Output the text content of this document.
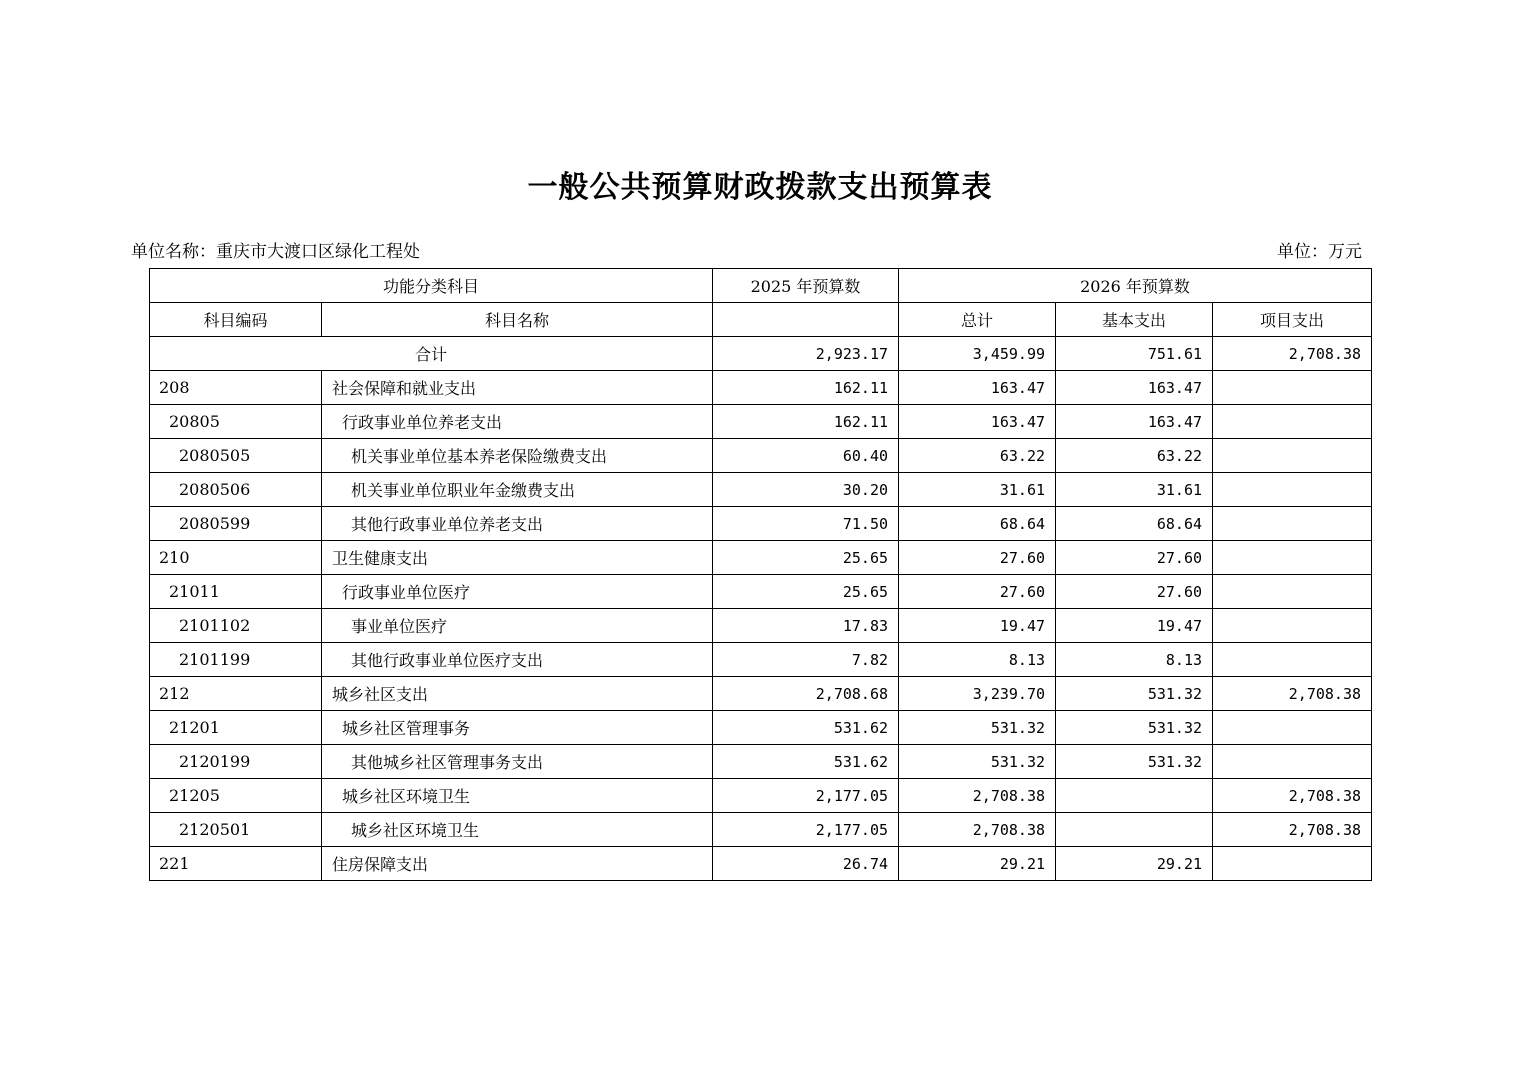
一般公共预算财政拨款支出预算表
单位名称：重庆市大渡口区绿化工程处	单位：万元
功能分类科目		2025 年预算数	2026 年预算数		
科目编码	科目名称		总计	基本支出	项目支出
合计		2,923.17	3,459.99	751.61	2,708.38
208	社会保障和就业支出	162.11	163.47	163.47	
20805	行政事业单位养老支出	162.11	163.47	163.47	
2080505	机关事业单位基本养老保险缴费支出	60.40	63.22	63.22	
2080506	机关事业单位职业年金缴费支出	30.20	31.61	31.61	
2080599	其他行政事业单位养老支出	71.50	68.64	68.64	
210	卫生健康支出	25.65	27.60	27.60	
21011	行政事业单位医疗	25.65	27.60	27.60	
2101102	事业单位医疗	17.83	19.47	19.47	
2101199	其他行政事业单位医疗支出	7.82	8.13	8.13	
212	城乡社区支出	2,708.68	3,239.70	531.32	2,708.38
21201	城乡社区管理事务	531.62	531.32	531.32	
2120199	其他城乡社区管理事务支出	531.62	531.32	531.32	
21205	城乡社区环境卫生	2,177.05	2,708.38		2,708.38
2120501	城乡社区环境卫生	2,177.05	2,708.38		2,708.38
221	住房保障支出	26.74	29.21	29.21	
